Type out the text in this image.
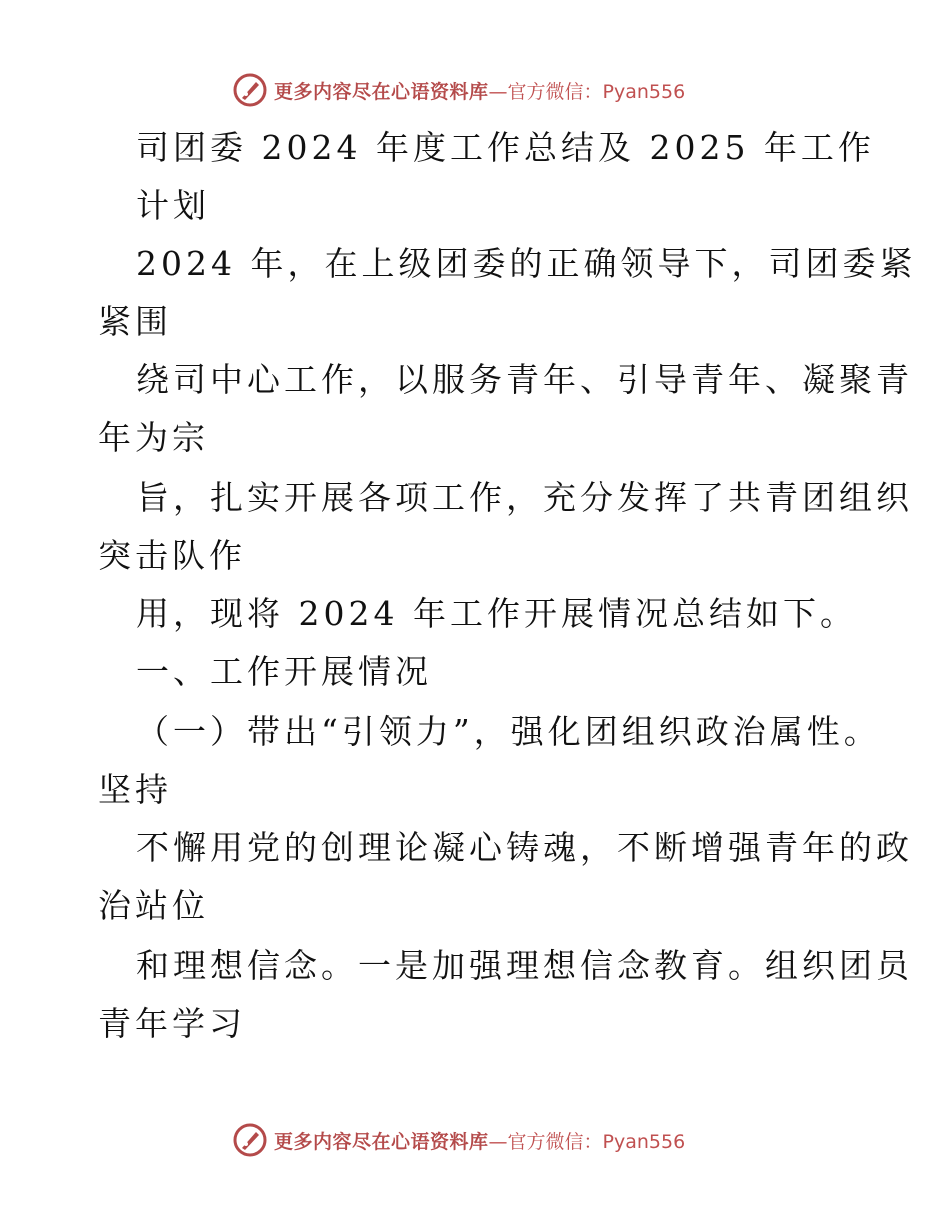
更多内容尽在心语资料库 —官方微信：Pyan556
司团委 2024 年度工作总结及 2025 年工作
计划
2024 年，在上级团委的正确领导下，司团委紧
紧围
绕司中心工作，以服务青年、引导青年、凝聚青
年为宗
旨，扎实开展各项工作，充分发挥了共青团组织
突击队作
用，现将 2024 年工作开展情况总结如下。
一、工作开展情况
（一）带出“引领力”，强化团组织政治属性。
坚持
不懈用党的创理论凝心铸魂，不断增强青年的政
治站位
和理想信念。一是加强理想信念教育。组织团员
青年学习
更多内容尽在心语资料库 —官方微信：Pyan556
